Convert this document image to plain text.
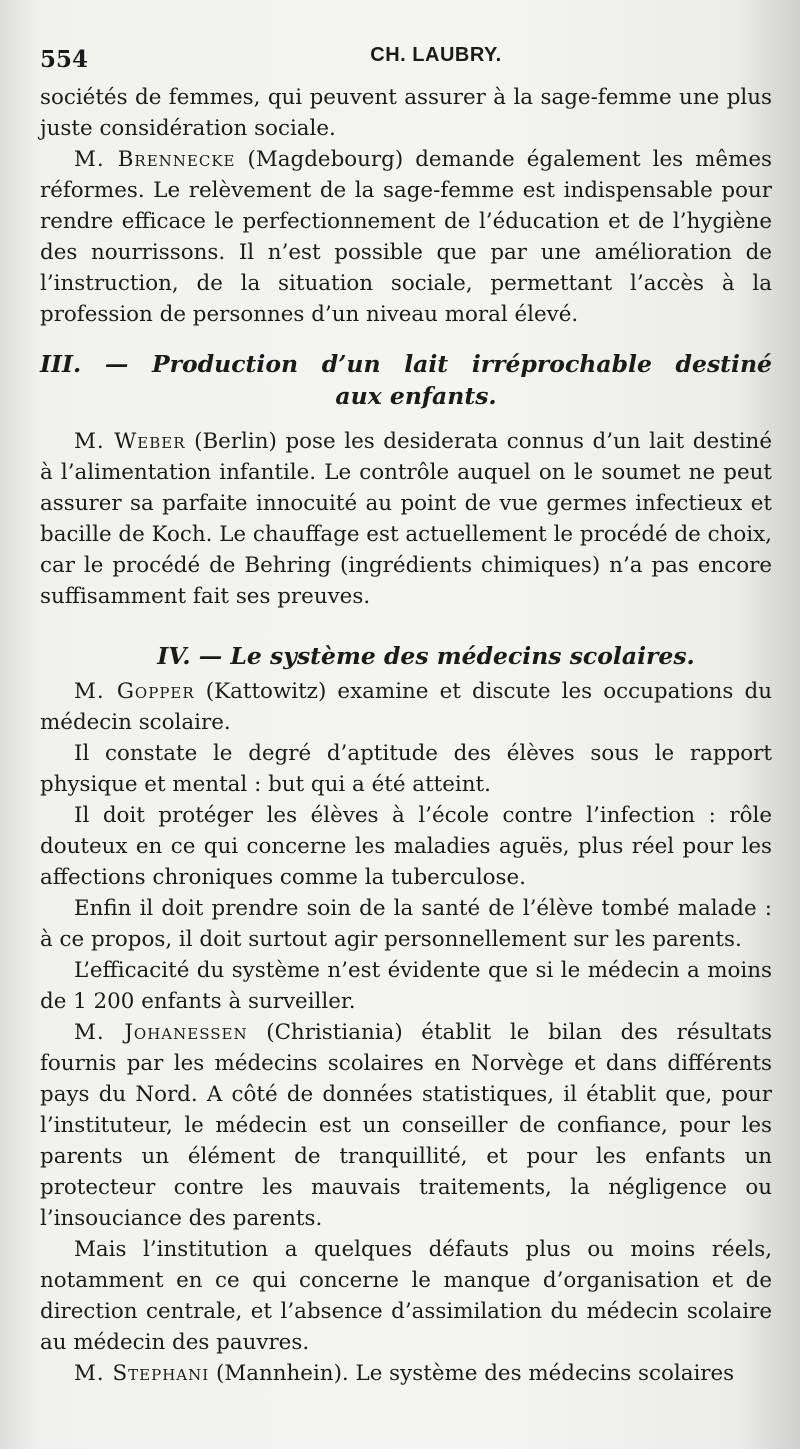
554	CH. LAUBRY.

sociétés de femmes, qui peuvent assurer à la sage-femme une plus juste considération sociale.

M. Brennecke (Magdebourg) demande également les mêmes réformes. Le relèvement de la sage-femme est indispensable pour rendre efficace le perfectionnement de l’éducation et de l’hygiène des nourrissons. Il n’est possible que par une amélioration de l’instruction, de la situation sociale, permettant l’accès à la profession de personnes d’un niveau moral élevé.

III. — Production d’un lait irréprochable destiné
aux enfants.

M. Weber (Berlin) pose les desiderata connus d’un lait destiné à l’alimentation infantile. Le contrôle auquel on le soumet ne peut assurer sa parfaite innocuité au point de vue germes infectieux et bacille de Koch. Le chauffage est actuellement le procédé de choix, car le procédé de Behring (ingrédients chimiques) n’a pas encore suffisamment fait ses preuves.

IV. — Le système des médecins scolaires.

M. Gopper (Kattowitz) examine et discute les occupations du médecin scolaire.

Il constate le degré d’aptitude des élèves sous le rapport physique et mental : but qui a été atteint.

Il doit protéger les élèves à l’école contre l’infection : rôle douteux en ce qui concerne les maladies aguës, plus réel pour les affections chroniques comme la tuberculose.

Enfin il doit prendre soin de la santé de l’élève tombé malade : à ce propos, il doit surtout agir personnellement sur les parents.

L’efficacité du système n’est évidente que si le médecin a moins de 1 200 enfants à surveiller.

M. Johanessen (Christiania) établit le bilan des résultats fournis par les médecins scolaires en Norvège et dans différents pays du Nord. A côté de données statistiques, il établit que, pour l’instituteur, le médecin est un conseiller de confiance, pour les parents un élément de tranquillité, et pour les enfants un protecteur contre les mauvais traitements, la négligence ou l’insouciance des parents.

Mais l’institution a quelques défauts plus ou moins réels, notamment en ce qui concerne le manque d’organisation et de direction centrale, et l’absence d’assimilation du médecin scolaire au médecin des pauvres.

M. Stephani (Mannhein). Le système des médecins scolaires
